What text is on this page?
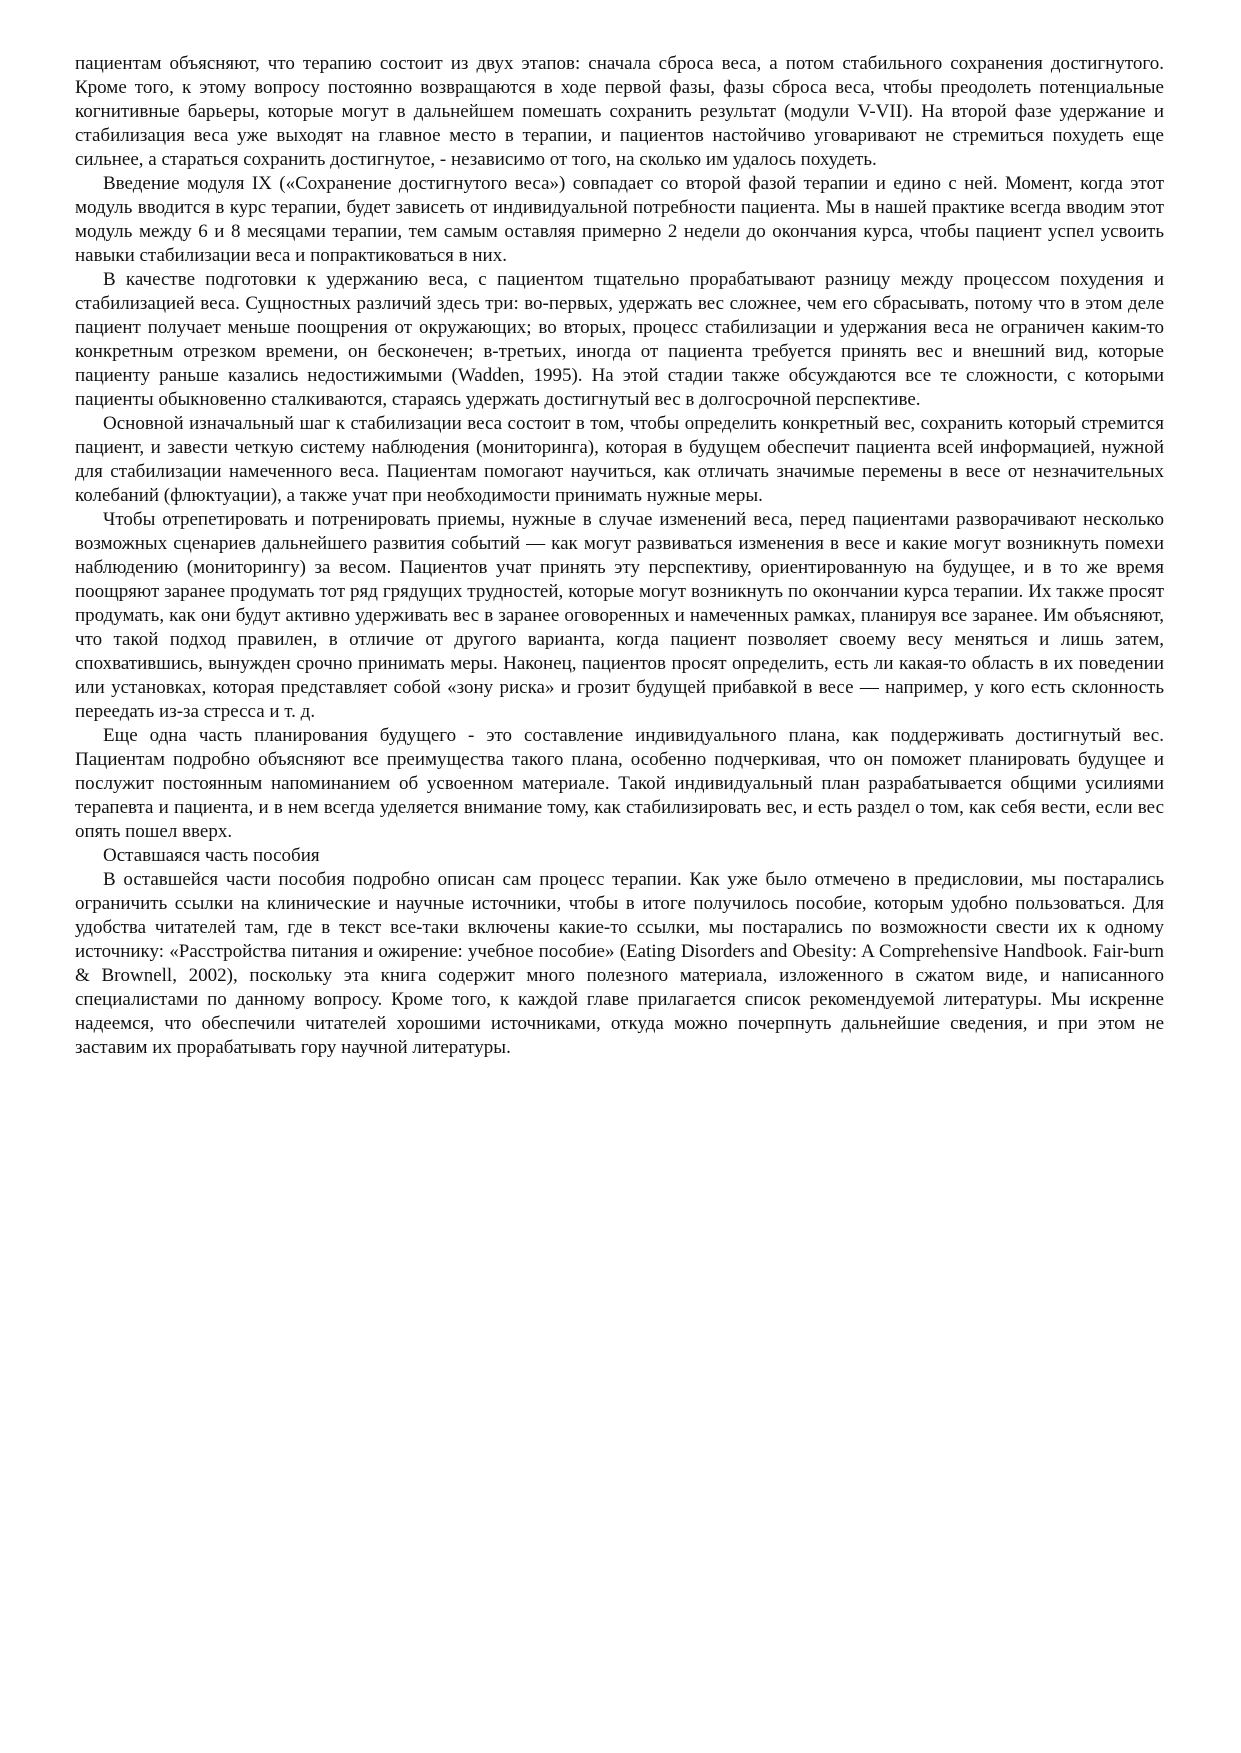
пациентам объясняют, что терапию состоит из двух этапов: сначала сброса веса, а потом стабильного сохранения достигнутого. Кроме того, к этому вопросу постоянно возвращаются в ходе первой фазы, фазы сброса веса, чтобы преодолеть потенциальные когнитивные барьеры, которые могут в дальнейшем помешать сохранить результат (модули V-VII). На второй фазе удержание и стабилизация веса уже выходят на главное место в терапии, и пациентов настойчиво уговаривают не стремиться похудеть еще сильнее, а стараться сохранить достигнутое, - независимо от того, на сколько им удалось похудеть.

Введение модуля IX («Сохранение достигнутого веса») совпадает со второй фазой терапии и едино с ней. Момент, когда этот модуль вводится в курс терапии, будет зависеть от индивидуальной потребности пациента. Мы в нашей практике всегда вводим этот модуль между 6 и 8 месяцами терапии, тем самым оставляя примерно 2 недели до окончания курса, чтобы пациент успел усвоить навыки стабилизации веса и попрактиковаться в них.

В качестве подготовки к удержанию веса, с пациентом тщательно прорабатывают разницу между процессом похудения и стабилизацией веса. Сущностных различий здесь три: во-первых, удержать вес сложнее, чем его сбрасывать, потому что в этом деле пациент получает меньше поощрения от окружающих; во вторых, процесс стабилизации и удержания веса не ограничен каким-то конкретным отрезком времени, он бесконечен; в-третьих, иногда от пациента требуется принять вес и внешний вид, которые пациенту раньше казались недостижимыми (Wadden, 1995). На этой стадии также обсуждаются все те сложности, с которыми пациенты обыкновенно сталкиваются, стараясь удержать достигнутый вес в долгосрочной перспективе.

Основной изначальный шаг к стабилизации веса состоит в том, чтобы определить конкретный вес, сохранить который стремится пациент, и завести четкую систему наблюдения (мониторинга), которая в будущем обеспечит пациента всей информацией, нужной для стабилизации намеченного веса. Пациентам помогают научиться, как отличать значимые перемены в весе от незначительных колебаний (флюктуации), а также учат при необходимости принимать нужные меры.

Чтобы отрепетировать и потренировать приемы, нужные в случае изменений веса, перед пациентами разворачивают несколько возможных сценариев дальнейшего развития событий — как могут развиваться изменения в весе и какие могут возникнуть помехи наблюдению (мониторингу) за весом. Пациентов учат принять эту перспективу, ориентированную на будущее, и в то же время поощряют заранее продумать тот ряд грядущих трудностей, которые могут возникнуть по окончании курса терапии. Их также просят продумать, как они будут активно удерживать вес в заранее оговоренных и намеченных рамках, планируя все заранее. Им объясняют, что такой подход правилен, в отличие от другого варианта, когда пациент позволяет своему весу меняться и лишь затем, спохватившись, вынужден срочно принимать меры. Наконец, пациентов просят определить, есть ли какая-то область в их поведении или установках, которая представляет собой «зону риска» и грозит будущей прибавкой в весе — например, у кого есть склонность переедать из-за стресса и т. д.

Еще одна часть планирования будущего - это составление индивидуального плана, как поддерживать достигнутый вес. Пациентам подробно объясняют все преимущества такого плана, особенно подчеркивая, что он поможет планировать будущее и послужит постоянным напоминанием об усвоенном материале. Такой индивидуальный план разрабатывается общими усилиями терапевта и пациента, и в нем всегда уделяется внимание тому, как стабилизировать вес, и есть раздел о том, как себя вести, если вес опять пошел вверх.

Оставшаяся часть пособия

В оставшейся части пособия подробно описан сам процесс терапии. Как уже было отмечено в предисловии, мы постарались ограничить ссылки на клинические и научные источники, чтобы в итоге получилось пособие, которым удобно пользоваться. Для удобства читателей там, где в текст все-таки включены какие-то ссылки, мы постарались по возможности свести их к одному источнику: «Расстройства питания и ожирение: учебное пособие» (Eating Disorders and Obesity: A Comprehensive Handbook. Fair-burn & Brownell, 2002), поскольку эта книга содержит много полезного материала, изложенного в сжатом виде, и написанного специалистами по данному вопросу. Кроме того, к каждой главе прилагается список рекомендуемой литературы. Мы искренне надеемся, что обеспечили читателей хорошими источниками, откуда можно почерпнуть дальнейшие сведения, и при этом не заставим их прорабатывать гору научной литературы.
